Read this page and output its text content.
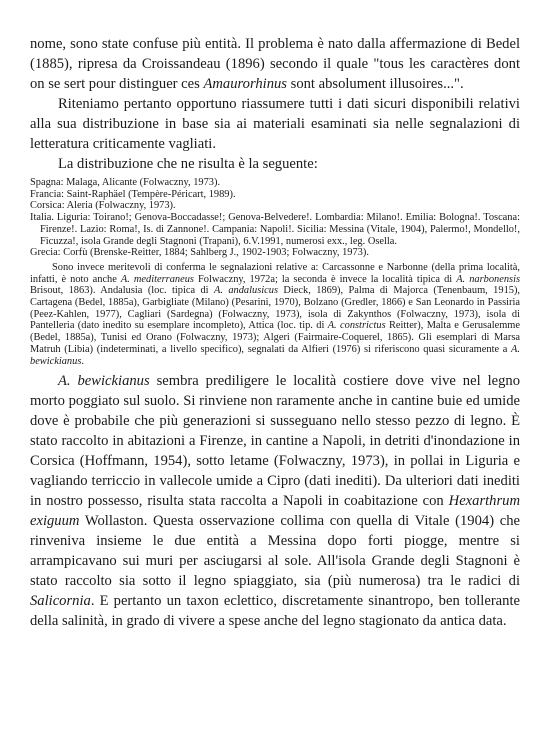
nome, sono state confuse più entità. Il problema è nato dalla affermazione di Bedel (1885), ripresa da Croissandeau (1896) secondo il quale "tous les caractères dont on se sert pour distinguer ces Amaurorhinus sont absolument illusoires...".

Riteniamo pertanto opportuno riassumere tutti i dati sicuri disponibili relativi alla sua distribuzione in base sia ai materiali esaminati sia nelle segnalazioni di letteratura criticamente vagliati.

La distribuzione che ne risulta è la seguente:

Spagna: Malaga, Alicante (Folwaczny, 1973).

Francia: Saint-Raphäel (Tempère-Péricart, 1989).

Corsica: Aleria (Folwaczny, 1973).

Italia. Liguria: Toirano!; Genova-Boccadasse!; Genova-Belvedere!. Lombardia: Milano!. Emilia: Bologna!. Toscana: Firenze!. Lazio: Roma!, Is. di Zannone!. Campania: Napoli!. Sicilia: Messina (Vitale, 1904), Palermo!, Mondello!, Ficuzza!, isola Grande degli Stagnoni (Trapani), 6.V.1991, numerosi exx., leg. Osella.

Grecia: Corfù (Brenske-Reitter, 1884; Sahlberg J., 1902-1903; Folwaczny, 1973).

Sono invece meritevoli di conferma le segnalazioni relative a: Carcassonne e Narbonne (della prima località, infatti, è noto anche A. mediterraneus Folwaczny, 1972a; la seconda è invece la località tipica di A. narbonensis Brisout, 1863). Andalusia (loc. tipica di A. andalusicus Dieck, 1869), Palma di Majorca (Tenenbaum, 1915), Cartagena (Bedel, 1885a), Garbigliate (Milano) (Pesarini, 1970), Bolzano (Gredler, 1866) e San Leonardo in Passiria (Peez-Kahlen, 1977), Cagliari (Sardegna) (Folwaczny, 1973), isola di Zakynthos (Folwaczny, 1973), isola di Pantelleria (dato inedito su esemplare incompleto), Attica (loc. tip. di A. constrictus Reitter), Malta e Gerusalemme (Bedel, 1885a), Tunisi ed Orano (Folwaczny, 1973); Algeri (Fairmaire-Coquerel, 1865). Gli esemplari di Marsa Matruh (Libia) (indeterminati, a livello specifico), segnalati da Alfieri (1976) si riferiscono quasi sicuramente a A. bewickianus.

A. bewickianus sembra prediligere le località costiere dove vive nel legno morto poggiato sul suolo. Si rinviene non raramente anche in cantine buie ed umide dove è probabile che più generazioni si susseguano nello stesso pezzo di legno. È stato raccolto in abitazioni a Firenze, in cantine a Napoli, in detriti d'inondazione in Corsica (Hoffmann, 1954), sotto letame (Folwaczny, 1973), in pollai in Liguria e vagliando terriccio in vallecole umide a Cipro (dati inediti). Da ulteriori dati inediti in nostro possesso, risulta stata raccolta a Napoli in coabitazione con Hexarthrum exiguum Wollaston. Questa osservazione collima con quella di Vitale (1904) che rinveniva insieme le due entità a Messina dopo forti piogge, mentre si arrampicavano sui muri per asciugarsi al sole. All'isola Grande degli Stagnoni è stato raccolto sia sotto il legno spiaggiato, sia (più numerosa) tra le radici di Salicornia. E pertanto un taxon eclettico, discretamente sinantropo, ben tollerante della salinità, in grado di vivere a spese anche del legno stagionato da antica data.
